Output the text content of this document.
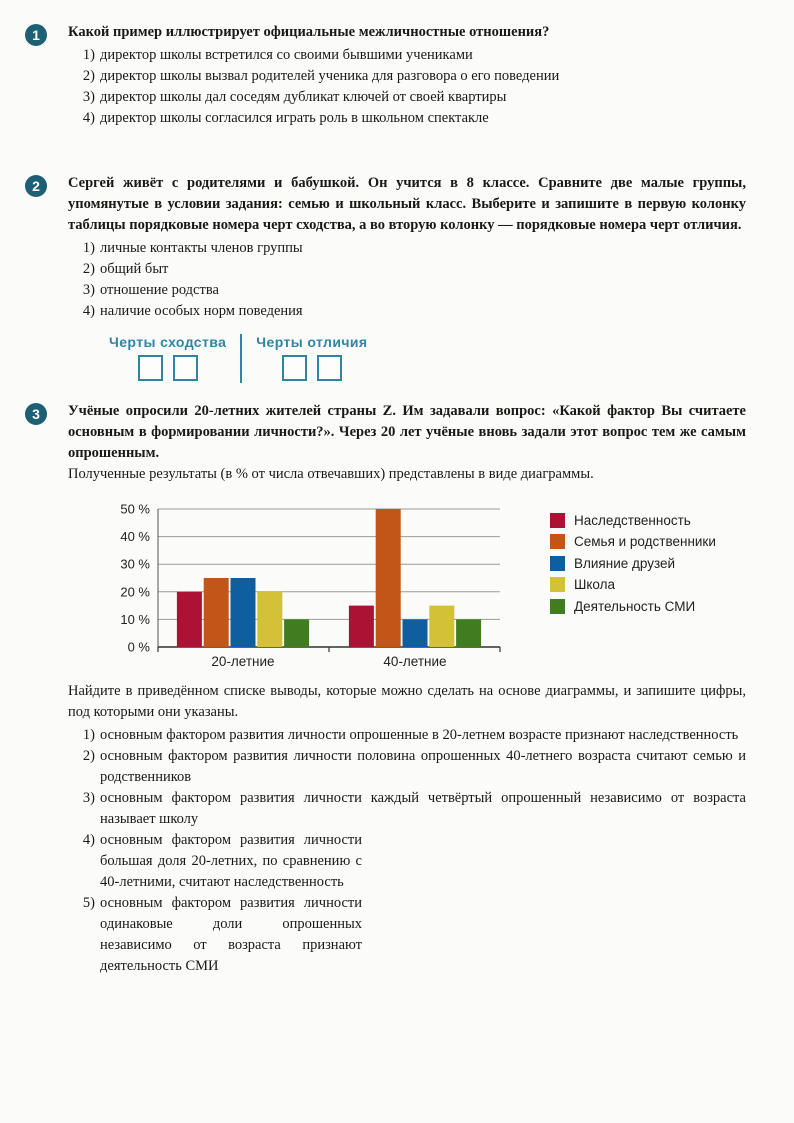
1	Какой пример иллюстрирует официальные межличностные отношения?

1) директор школы встретился со своими бывшими учениками
2) директор школы вызвал родителей ученика для разговора о его поведении
3) директор школы дал соседям дубликат ключей от своей квартиры
4) директор школы согласился играть роль в школьном спектакле
2	Сергей живёт с родителями и бабушкой. Он учится в 8 классе. Сравните две малые группы, упомянутые в условии задания: семью и школьный класс. Выберите и запишите в первую колонку таблицы порядковые номера черт сходства, а во вторую колонку — порядковые номера черт отличия.

1) личные контакты членов группы
2) общий быт
3) отношение родства
4) наличие особых норм поведения
Черты сходства Черты отличия
3	Учёные опросили 20-летних жителей страны Z. Им задавали вопрос: «Какой фактор Вы считаете основным в формировании личности?». Через 20 лет учёные вновь задали этот вопрос тем же самым опрошенным.

Полученные результаты (в % от числа отвечавших) представлены в виде диаграммы.

0 %
10 %
20 %
30 %
40 %
50 %
20-летние	40-летние
Наследственность
Семья и родственники
Влияние друзей
Школа
Деятельность СМИ

Найдите в приведённом списке выводы, которые можно сделать на основе диаграммы, и запишите цифры, под которыми они указаны.

1) основным фактором развития личности опрошенные в 20-летнем возрасте признают наследственность
2) основным фактором развития личности половина опрошенных 40-летнего возраста считают семью и родственников
3) основным фактором развития личности каждый четвёртый опрошенный независимо от возраста называет школу
4) основным фактором развития личности большая доля 20-летних, по сравнению с 40-летними, считают наследственность
5) основным фактором развития личности одинаковые доли опрошенных независимо от возраста признают деятельность СМИ
